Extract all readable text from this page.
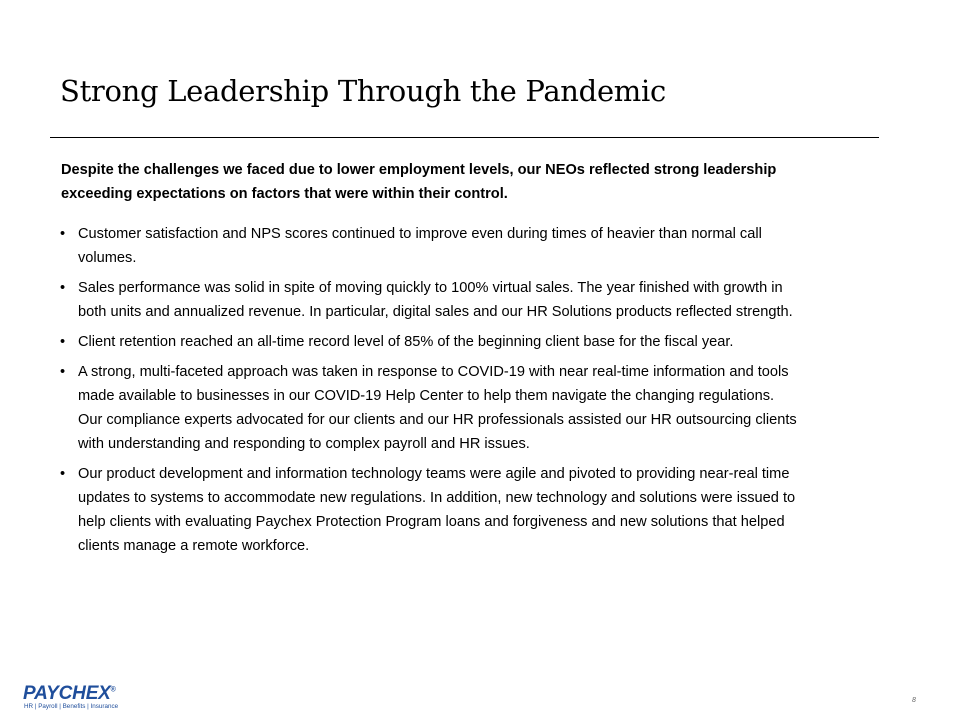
Strong Leadership Through the Pandemic
Despite the challenges we faced due to lower employment levels, our NEOs reflected strong leadership
exceeding expectations on factors that were within their control.
• Customer satisfaction and NPS scores continued to improve even during times of heavier than normal call
volumes.
• Sales performance was solid in spite of moving quickly to 100% virtual sales. The year finished with growth in
both units and annualized revenue. In particular, digital sales and our HR Solutions products reflected strength.
• Client retention reached an all-time record level of 85% of the beginning client base for the fiscal year.
• A strong, multi-faceted approach was taken in response to COVID-19 with near real-time information and tools
made available to businesses in our COVID-19 Help Center to help them navigate the changing regulations.
Our compliance experts advocated for our clients and our HR professionals assisted our HR outsourcing clients
with understanding and responding to complex payroll and HR issues.
• Our product development and information technology teams were agile and pivoted to providing near-real time
updates to systems to accommodate new regulations. In addition, new technology and solutions were issued to
help clients with evaluating Paychex Protection Program loans and forgiveness and new solutions that helped
clients manage a remote workforce.
PAYCHEX®
HR | Payroll | Benefits | Insurance
8
